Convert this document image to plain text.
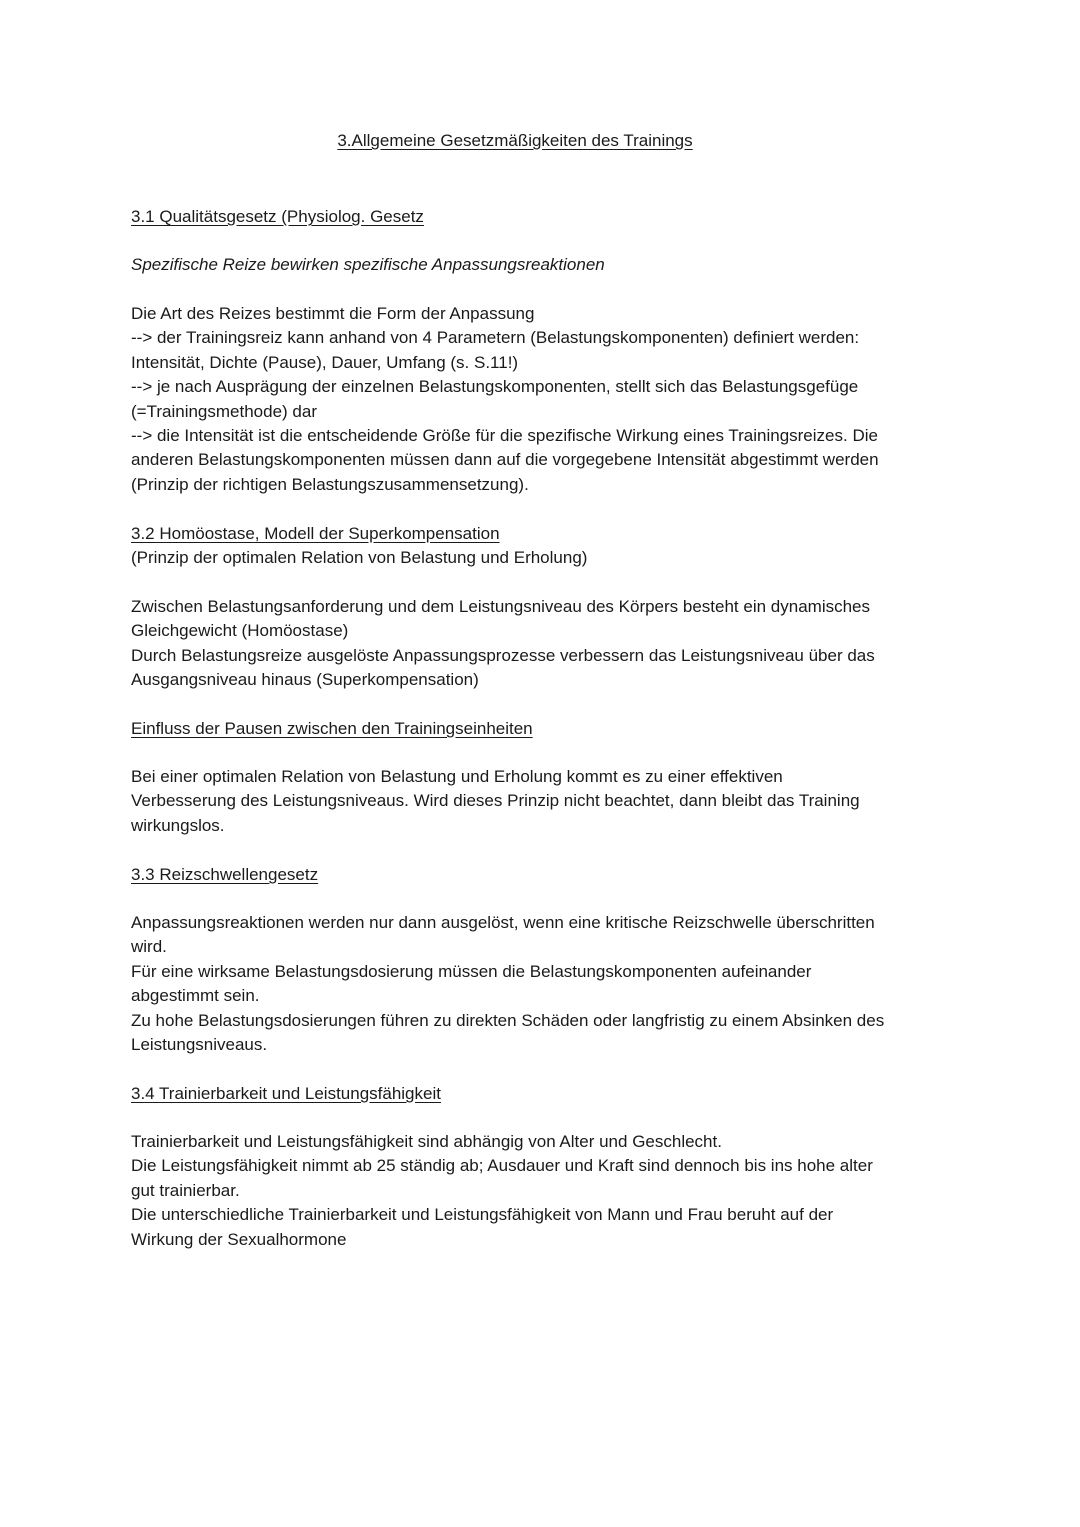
3.Allgemeine Gesetzmäßigkeiten des Trainings
3.1 Qualitätsgesetz (Physiolog. Gesetz
Spezifische Reize bewirken spezifische Anpassungsreaktionen
Die Art des Reizes bestimmt die Form der Anpassung
--> der Trainingsreiz kann anhand von 4 Parametern (Belastungskomponenten) definiert werden:
Intensität, Dichte (Pause), Dauer, Umfang (s. S.11!)
--> je nach Ausprägung der einzelnen Belastungskomponenten, stellt sich das Belastungsgefüge
(=Trainingsmethode) dar
--> die Intensität ist die entscheidende Größe für die spezifische Wirkung eines Trainingsreizes. Die
anderen Belastungskomponenten müssen dann auf die vorgegebene Intensität abgestimmt werden
(Prinzip der richtigen Belastungszusammensetzung).
3.2 Homöostase, Modell der Superkompensation
(Prinzip der optimalen Relation von Belastung und Erholung)
Zwischen Belastungsanforderung und dem Leistungsniveau des Körpers besteht ein dynamisches
Gleichgewicht (Homöostase)
Durch Belastungsreize ausgelöste Anpassungsprozesse verbessern das Leistungsniveau über das
Ausgangsniveau hinaus (Superkompensation)
Einfluss der Pausen zwischen den Trainingseinheiten
Bei einer optimalen Relation von Belastung und Erholung kommt es zu einer effektiven
Verbesserung des Leistungsniveaus. Wird dieses Prinzip nicht beachtet, dann bleibt das Training
wirkungslos.
3.3 Reizschwellengesetz
Anpassungsreaktionen werden nur dann ausgelöst, wenn eine kritische Reizschwelle überschritten
wird.
Für eine wirksame Belastungsdosierung müssen die Belastungskomponenten aufeinander
abgestimmt sein.
Zu hohe Belastungsdosierungen führen zu direkten Schäden oder langfristig zu einem Absinken des
Leistungsniveaus.
3.4 Trainierbarkeit und Leistungsfähigkeit
Trainierbarkeit und Leistungsfähigkeit sind abhängig von Alter und Geschlecht.
Die Leistungsfähigkeit nimmt ab 25 ständig ab; Ausdauer und Kraft sind dennoch bis ins hohe alter
gut trainierbar.
Die unterschiedliche Trainierbarkeit und Leistungsfähigkeit von Mann und Frau beruht auf der
Wirkung der Sexualhormone
